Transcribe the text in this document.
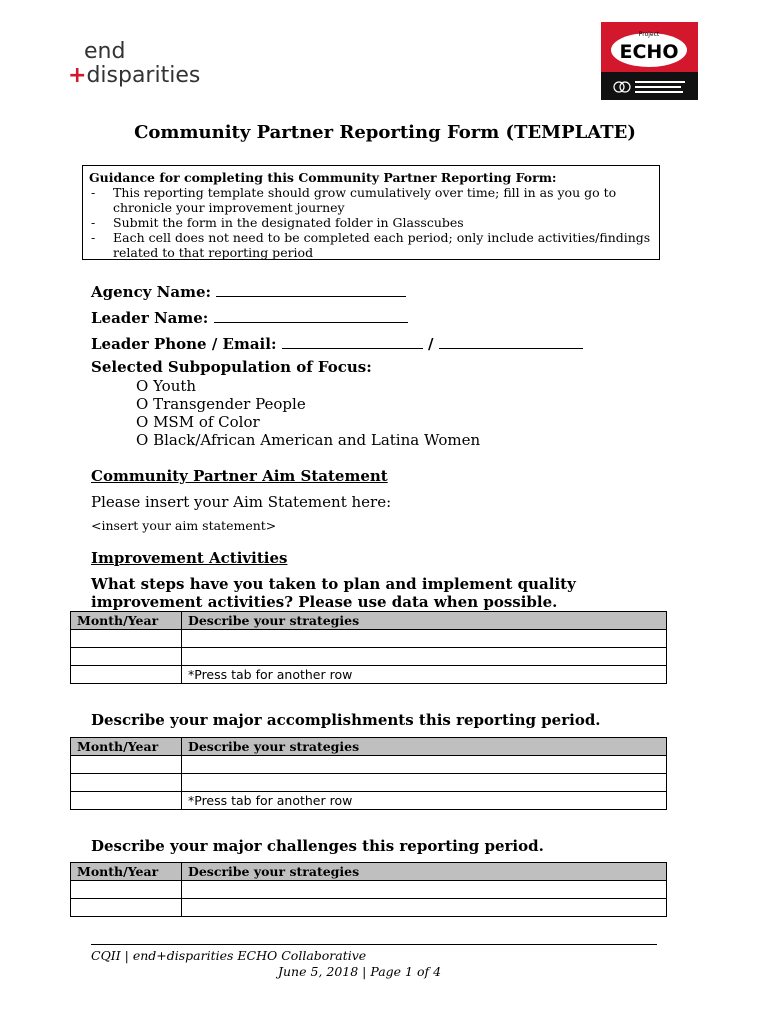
end
+disparities
Project
ECHO
Community Partner Reporting Form (TEMPLATE)
Guidance for completing this Community Partner Reporting Form:
- This reporting template should grow cumulatively over time; fill in as you go to chronicle your improvement journey
- Submit the form in the designated folder in Glasscubes
- Each cell does not need to be completed each period; only include activities/findings related to that reporting period
Agency Name:
Leader Name:
Leader Phone / Email:	/
Selected Subpopulation of Focus:
O Youth
O Transgender People
O MSM of Color
O Black/African American and Latina Women
Community Partner Aim Statement
Please insert your Aim Statement here:
<insert your aim statement>
Improvement Activities
What steps have you taken to plan and implement quality improvement activities? Please use data when possible.
Month/Year	Describe your strategies

	*Press tab for another row
Describe your major accomplishments this reporting period.
Month/Year	Describe your strategies

	*Press tab for another row
Describe your major challenges this reporting period.
Month/Year	Describe your strategies

CQII | end+disparities ECHO Collaborative
June 5, 2018 | Page 1 of 4
